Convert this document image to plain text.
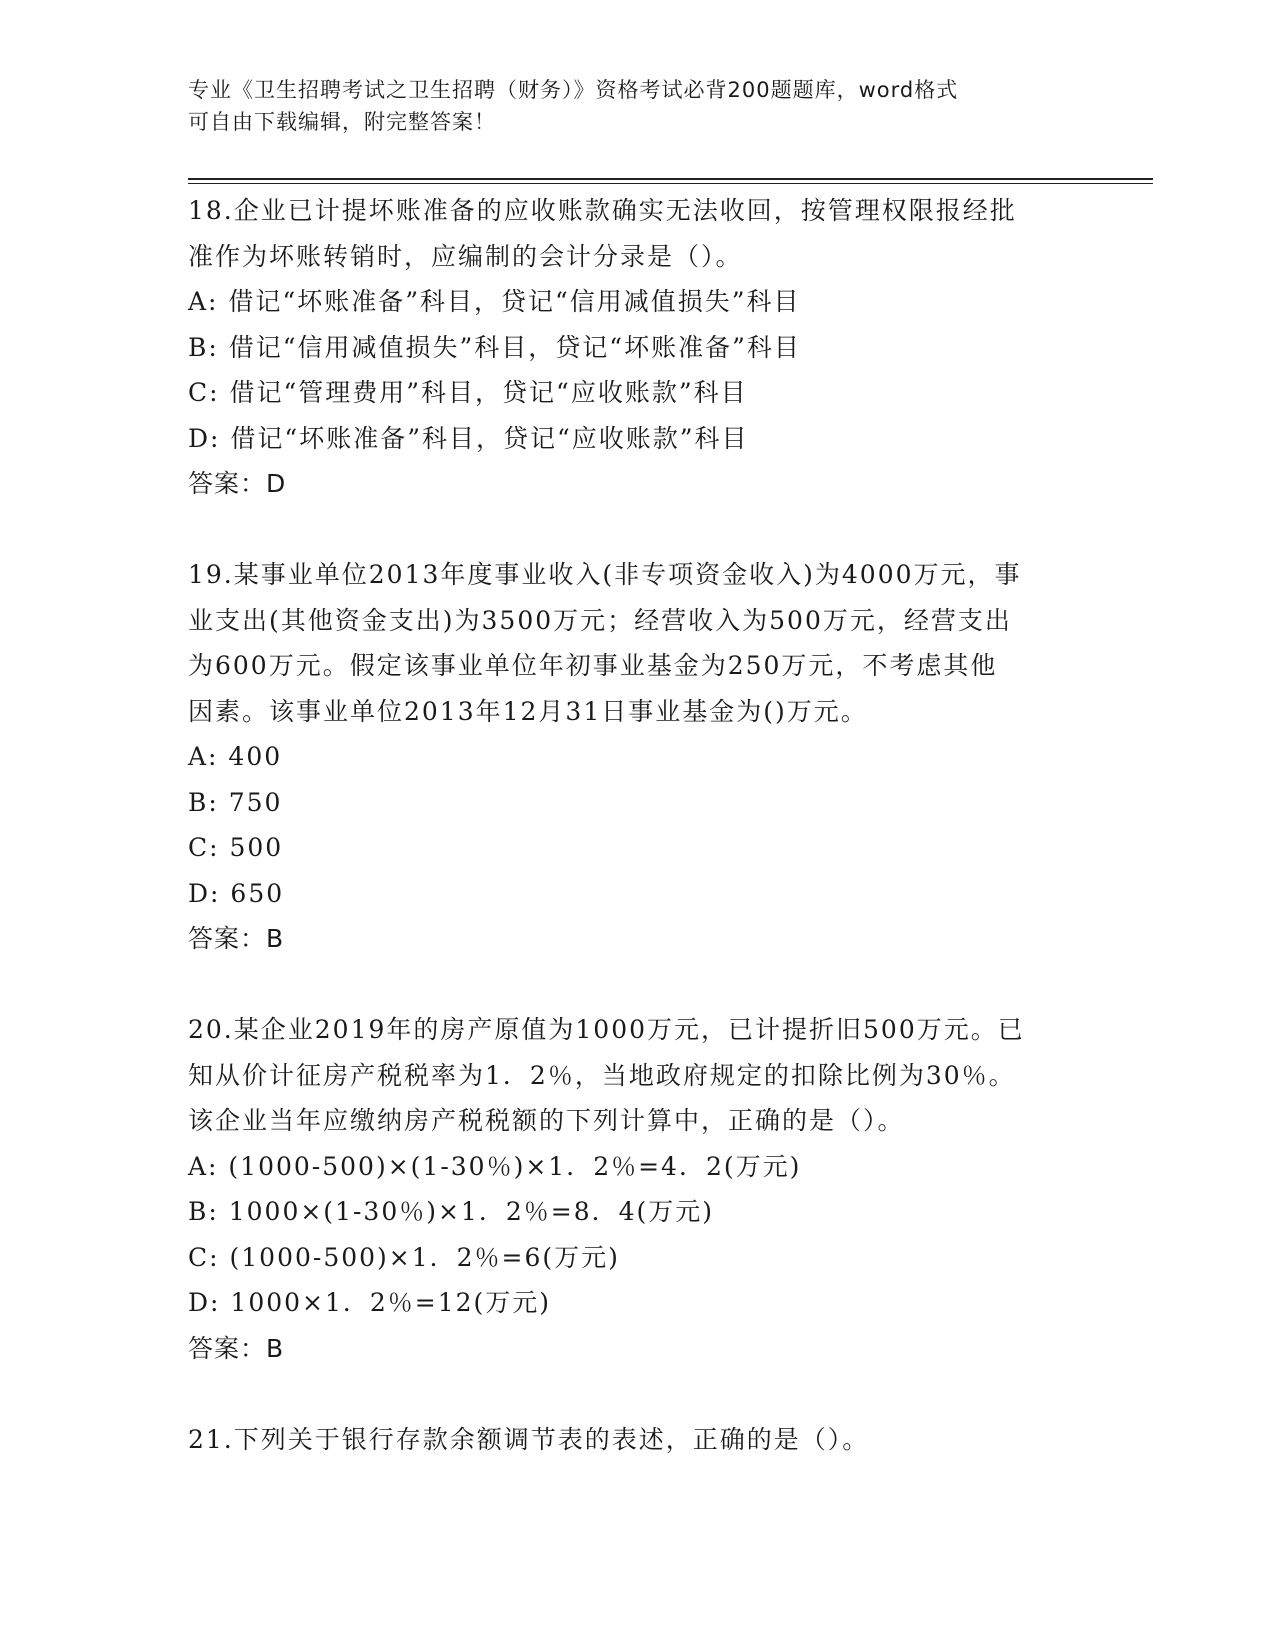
专业《卫生招聘考试之卫生招聘（财务）》资格考试必背200题题库，word格式
可自由下载编辑，附完整答案！
18.企业已计提坏账准备的应收账款确实无法收回，按管理权限报经批
准作为坏账转销时，应编制的会计分录是（）。
A: 借记“坏账准备”科目，贷记“信用减值损失”科目
B: 借记“信用减值损失”科目，贷记“坏账准备”科目
C: 借记“管理费用”科目，贷记“应收账款”科目
D: 借记“坏账准备”科目，贷记“应收账款”科目
答案：D
19.某事业单位2013年度事业收入(非专项资金收入)为4000万元，事
业支出(其他资金支出)为3500万元；经营收入为500万元，经营支出
为600万元。假定该事业单位年初事业基金为250万元，不考虑其他
因素。该事业单位2013年12月31日事业基金为()万元。
A: 400
B: 750
C: 500
D: 650
答案：B
20.某企业2019年的房产原值为1000万元，已计提折旧500万元。已
知从价计征房产税税率为1．2％，当地政府规定的扣除比例为30％。
该企业当年应缴纳房产税税额的下列计算中，正确的是（）。
A: (1000-500)×(1-30％)×1．2％=4．2(万元)
B: 1000×(1-30％)×1．2％=8．4(万元)
C: (1000-500)×1．2％=6(万元)
D: 1000×1．2％=12(万元)
答案：B
21.下列关于银行存款余额调节表的表述，正确的是（）。
